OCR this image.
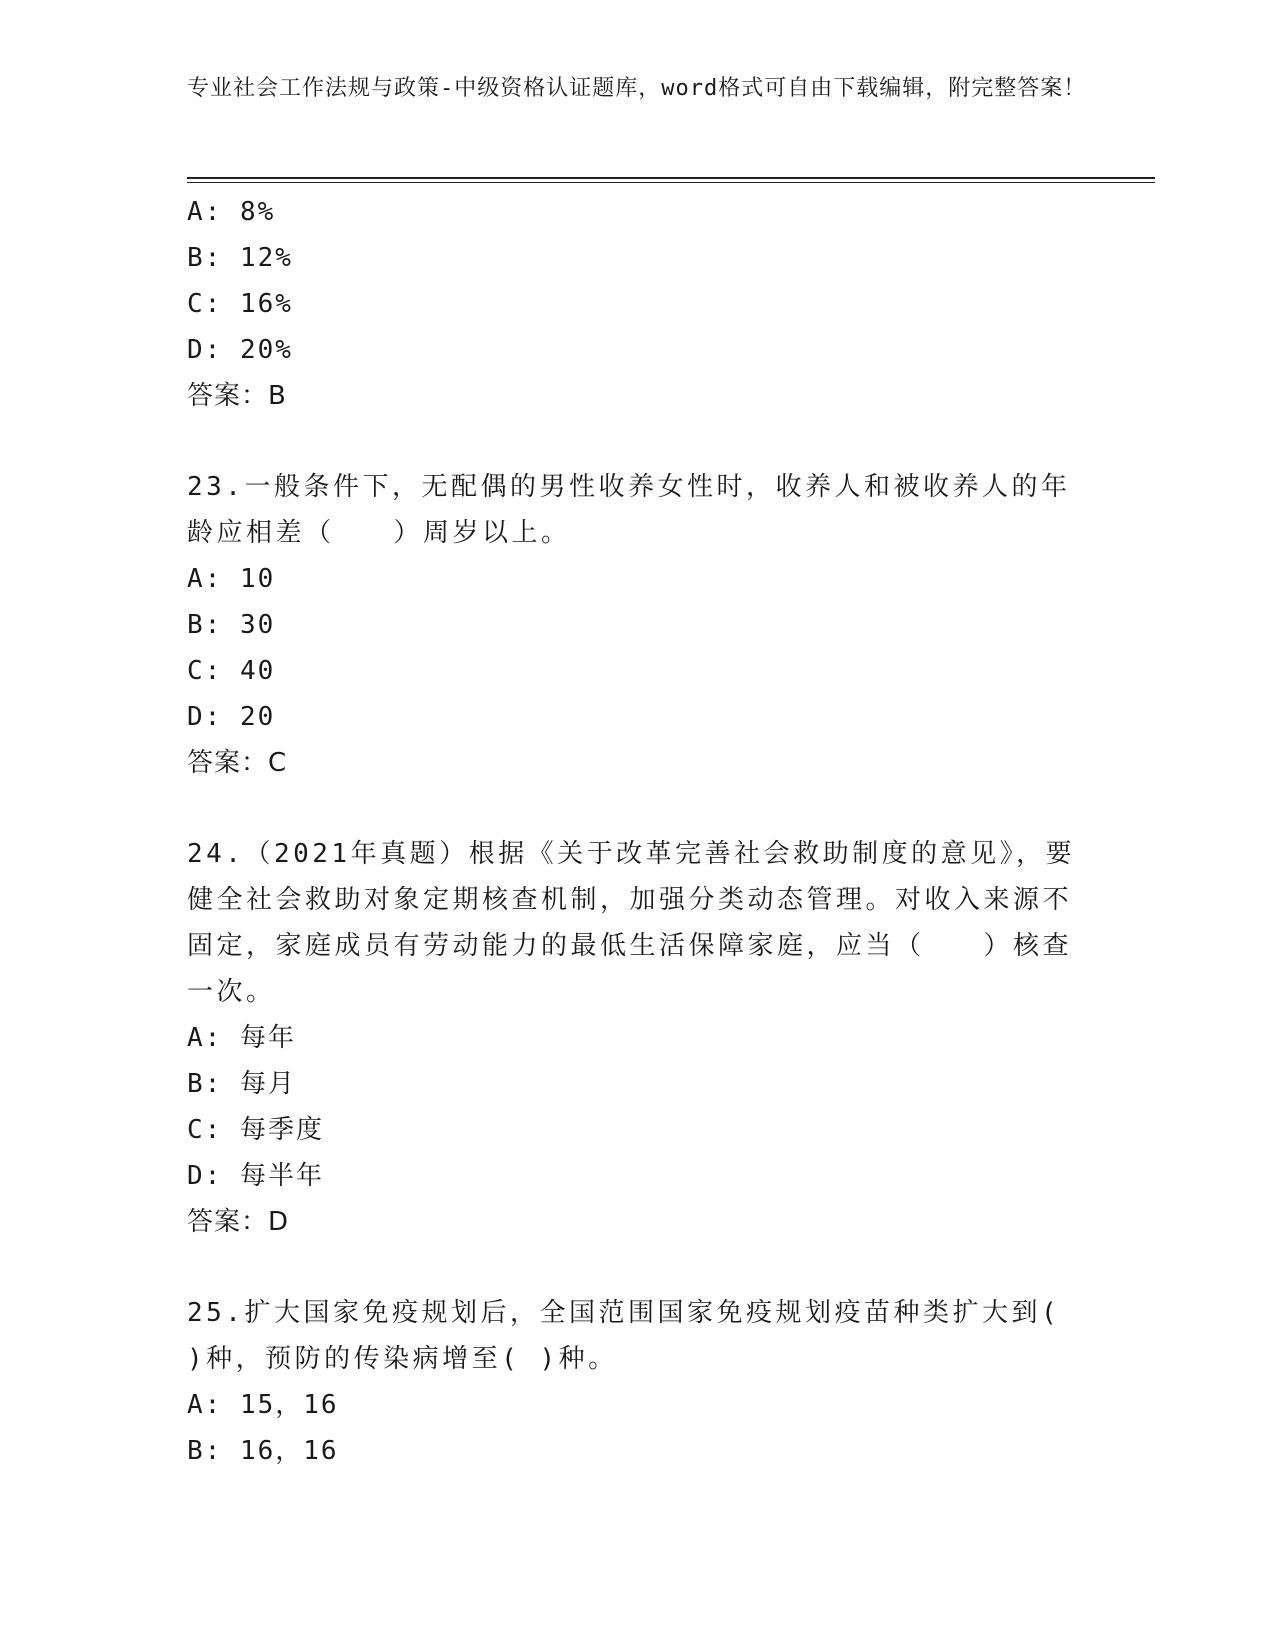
专业社会工作法规与政策-中级资格认证题库，word格式可自由下载编辑，附完整答案！
A: 8%
B: 12%
C: 16%
D: 20%
答案：B
23.一般条件下，无配偶的男性收养女性时，收养人和被收养人的年龄应相差（　　）周岁以上。
A: 10
B: 30
C: 40
D: 20
答案：C
24.（2021年真题）根据《关于改革完善社会救助制度的意见》，要健全社会救助对象定期核查机制，加强分类动态管理。对收入来源不固定，家庭成员有劳动能力的最低生活保障家庭，应当（　　）核查一次。
A: 每年
B: 每月
C: 每季度
D: 每半年
答案：D
25.扩大国家免疫规划后，全国范围国家免疫规划疫苗种类扩大到( )种，预防的传染病增至( )种。
A: 15，16
B: 16，16
